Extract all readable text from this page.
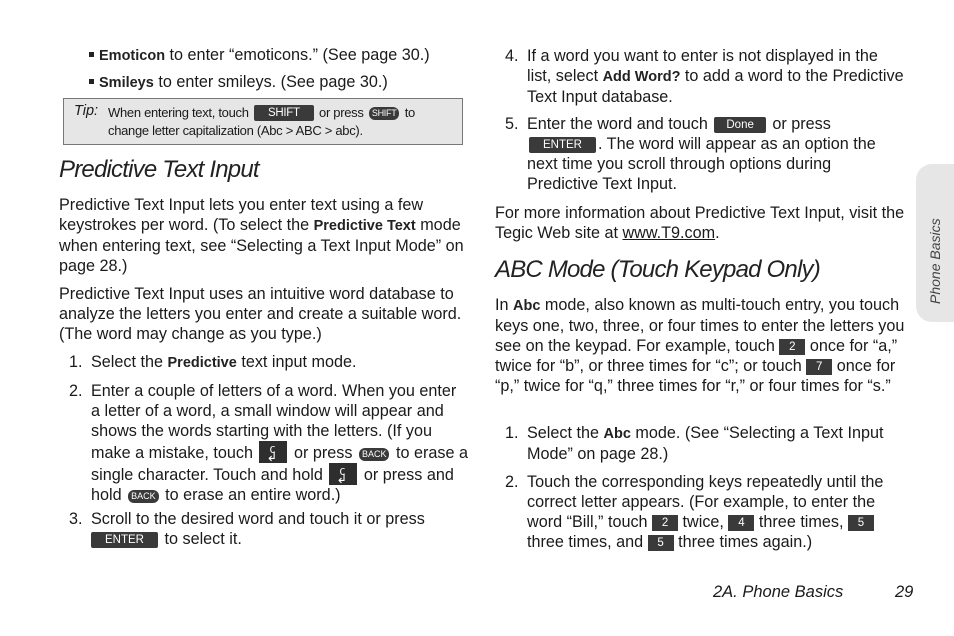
Emoticon to enter “emoticons.” (See page 30.)
Smileys to enter smileys. (See page 30.)
Tip: When entering text, touch SHIFT or press SHIFT to
change letter capitalization (Abc > ABC > abc).
Predictive Text Input

Predictive Text Input lets you enter text using a few keystrokes per word. (To select the Predictive Text mode when entering text, see “Selecting a Text Input Mode” on page 28.)

Predictive Text Input uses an intuitive word database to analyze the letters you enter and create a suitable word. (The word may change as you type.)

1. Select the Predictive text input mode.

2. Enter a couple of letters of a word. When you enter a letter of a word, a small window will appear and shows the words starting with the letters. (If you make a mistake, touch C ↲ or press BACK to erase a single character. Touch and hold C ↲ or press and hold BACK to erase an entire word.)

3. Scroll to the desired word and touch it or press
ENTER to select it.

4. If a word you want to enter is not displayed in the list, select Add Word? to add a word to the Predictive Text Input database.

5. Enter the word and touch Done or press ENTER . The word will appear as an option the next time you scroll through options during Predictive Text Input.

For more information about Predictive Text Input, visit the Tegic Web site at www.T9.com.

ABC Mode (Touch Keypad Only)

In Abc mode, also known as multi-touch entry, you touch keys one, two, three, or four times to enter the letters you see on the keypad. For example, touch 2 once for “a,” twice for “b”, or three times for “c”; or touch 7 once for “p,” twice for “q,” three times for “r,” or four times for “s.”

1. Select the Abc mode. (See “Selecting a Text Input Mode” on page 28.)

2. Touch the corresponding keys repeatedly until the correct letter appears. (For example, to enter the word “Bill,” touch 2 twice, 4 three times, 5 three times, and 5 three times again.)

Phone Basics
2A. Phone Basics	29
